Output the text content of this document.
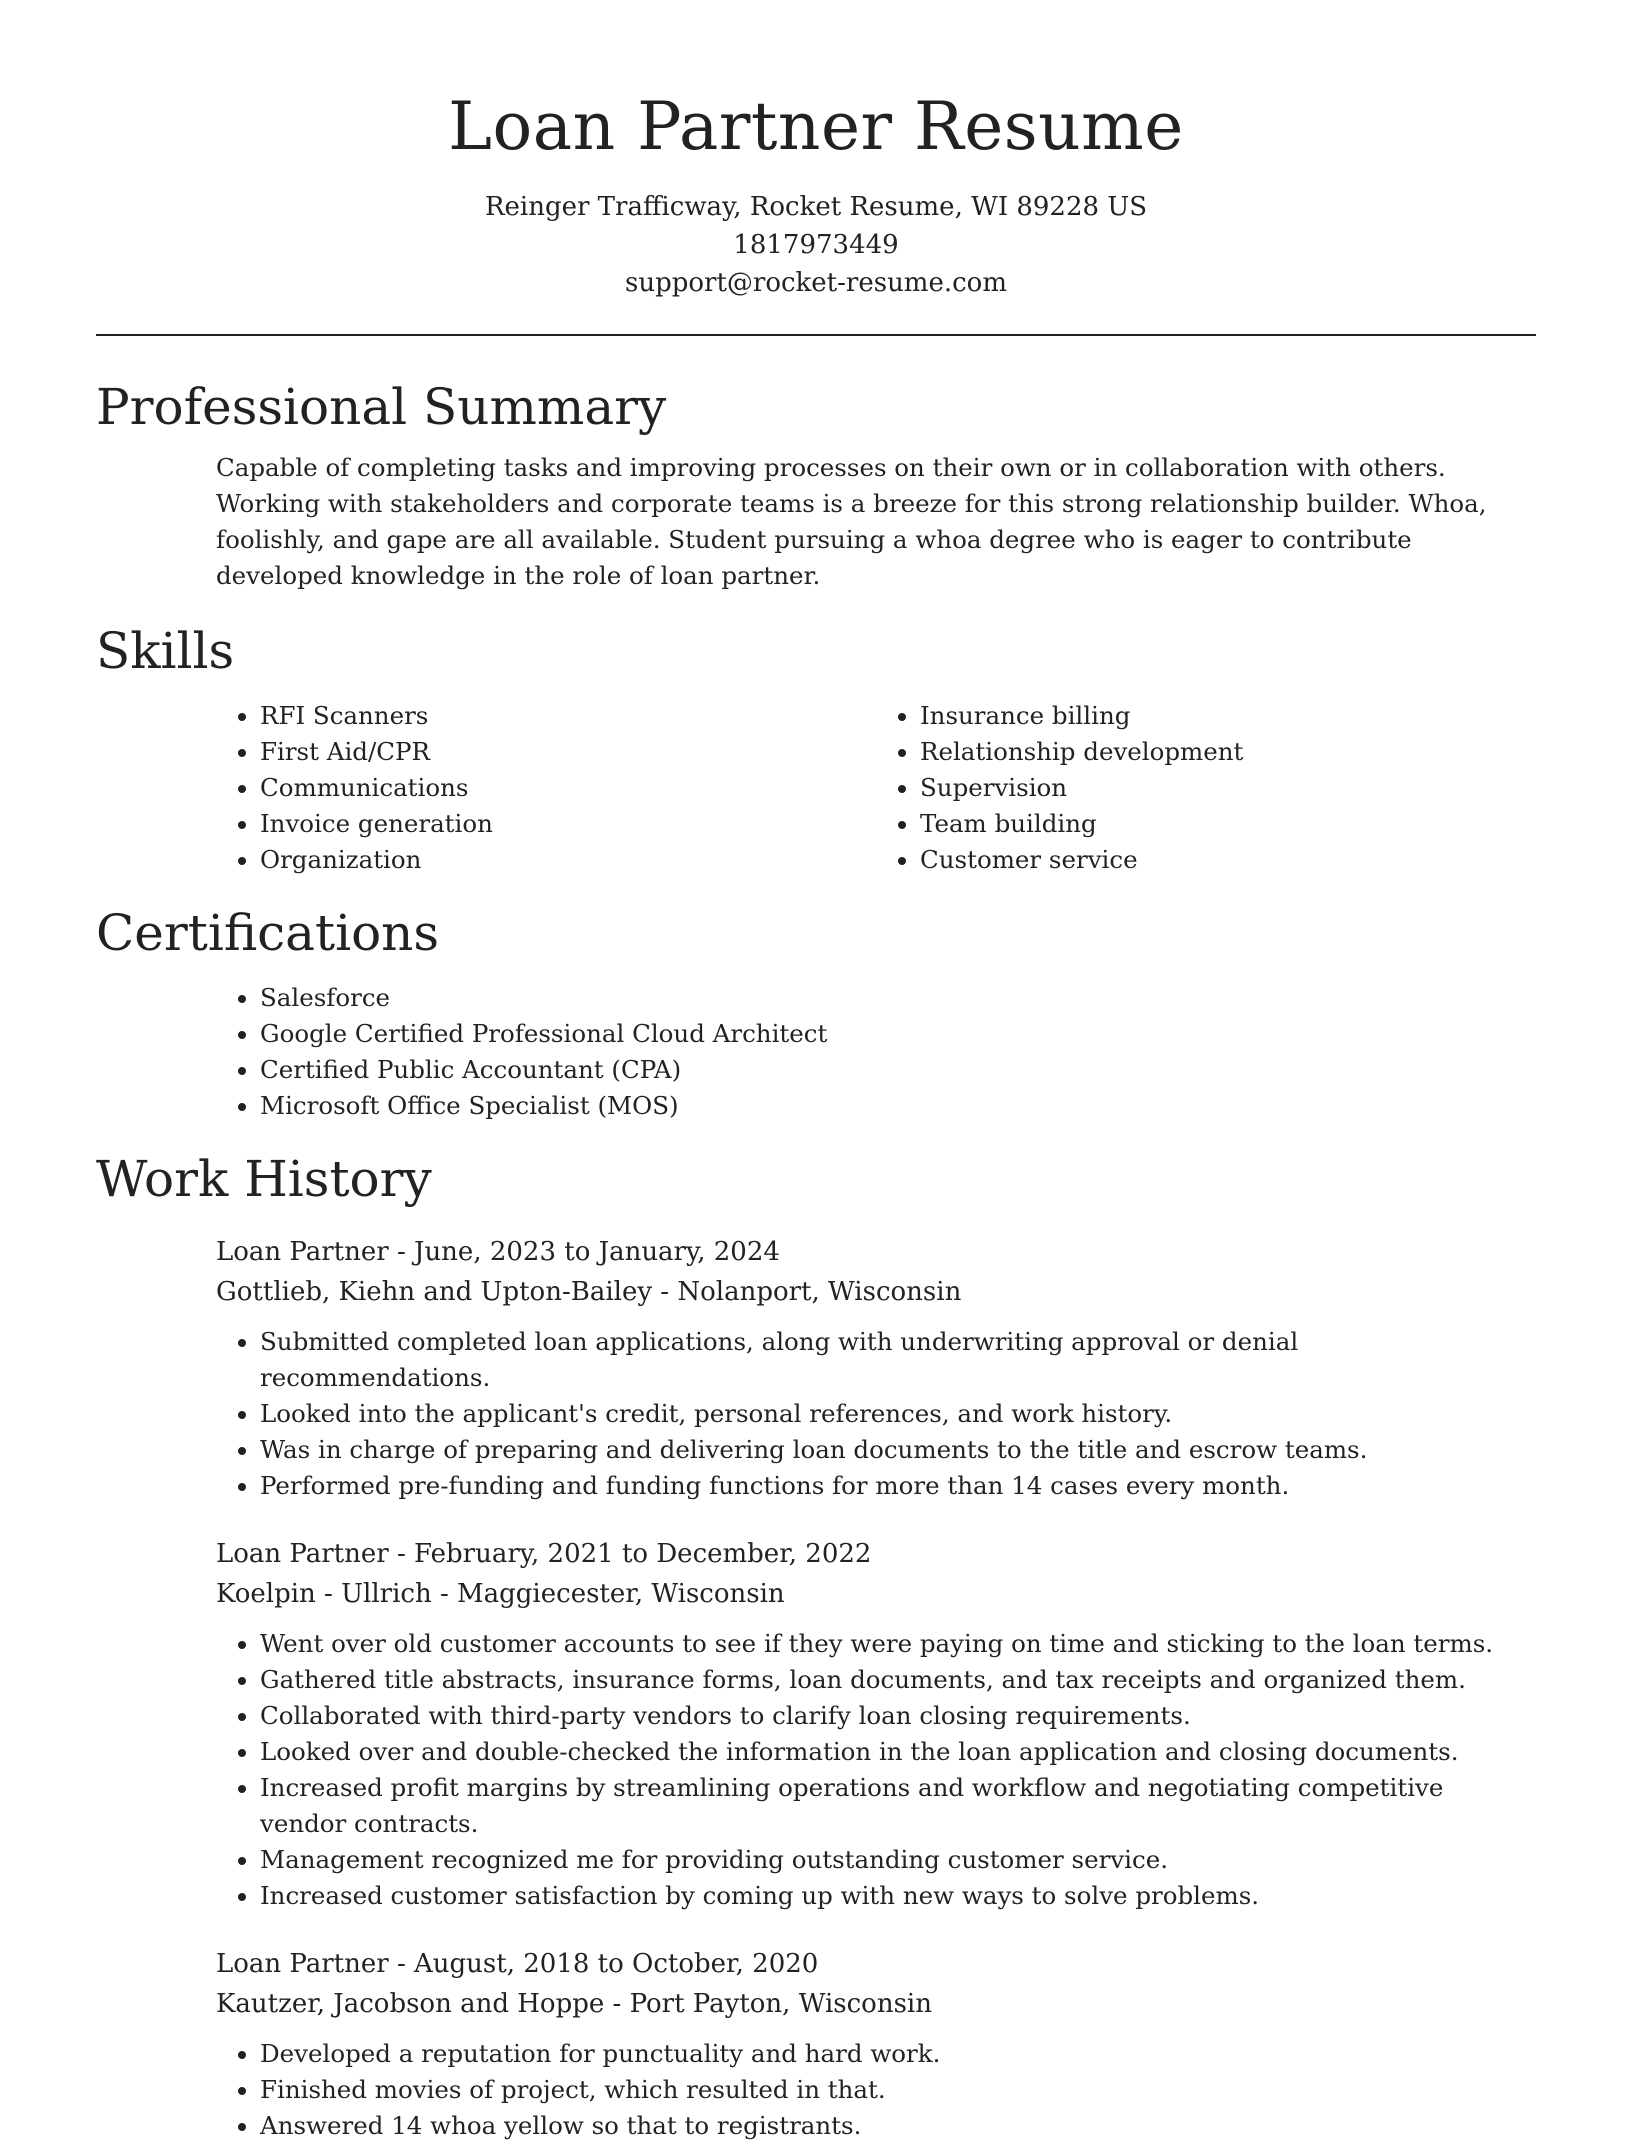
Loan Partner Resume
Reinger Trafficway, Rocket Resume, WI 89228 US
1817973449
support@rocket-resume.com
Professional Summary

Capable of completing tasks and improving processes on their own or in collaboration with others. Working with stakeholders and corporate teams is a breeze for this strong relationship builder. Whoa, foolishly, and gape are all available. Student pursuing a whoa degree who is eager to contribute developed knowledge in the role of loan partner.

Skills
• RFI Scanners
• First Aid/CPR
• Communications
• Invoice generation
• Organization
• Insurance billing
• Relationship development
• Supervision
• Team building
• Customer service
Certifications
• Salesforce
• Google Certified Professional Cloud Architect
• Certified Public Accountant (CPA)
• Microsoft Office Specialist (MOS)
Work History
Loan Partner - June, 2023 to January, 2024
Gottlieb, Kiehn and Upton-Bailey - Nolanport, Wisconsin
• Submitted completed loan applications, along with underwriting approval or denial recommendations.
• Looked into the applicant's credit, personal references, and work history.
• Was in charge of preparing and delivering loan documents to the title and escrow teams.
• Performed pre-funding and funding functions for more than 14 cases every month.
Loan Partner - February, 2021 to December, 2022
Koelpin - Ullrich - Maggiecester, Wisconsin
• Went over old customer accounts to see if they were paying on time and sticking to the loan terms.
• Gathered title abstracts, insurance forms, loan documents, and tax receipts and organized them.
• Collaborated with third-party vendors to clarify loan closing requirements.
• Looked over and double-checked the information in the loan application and closing documents.
• Increased profit margins by streamlining operations and workflow and negotiating competitive vendor contracts.
• Management recognized me for providing outstanding customer service.
• Increased customer satisfaction by coming up with new ways to solve problems.
Loan Partner - August, 2018 to October, 2020
Kautzer, Jacobson and Hoppe - Port Payton, Wisconsin
• Developed a reputation for punctuality and hard work.
• Finished movies of project, which resulted in that.
• Answered 14 whoa yellow so that to registrants.
